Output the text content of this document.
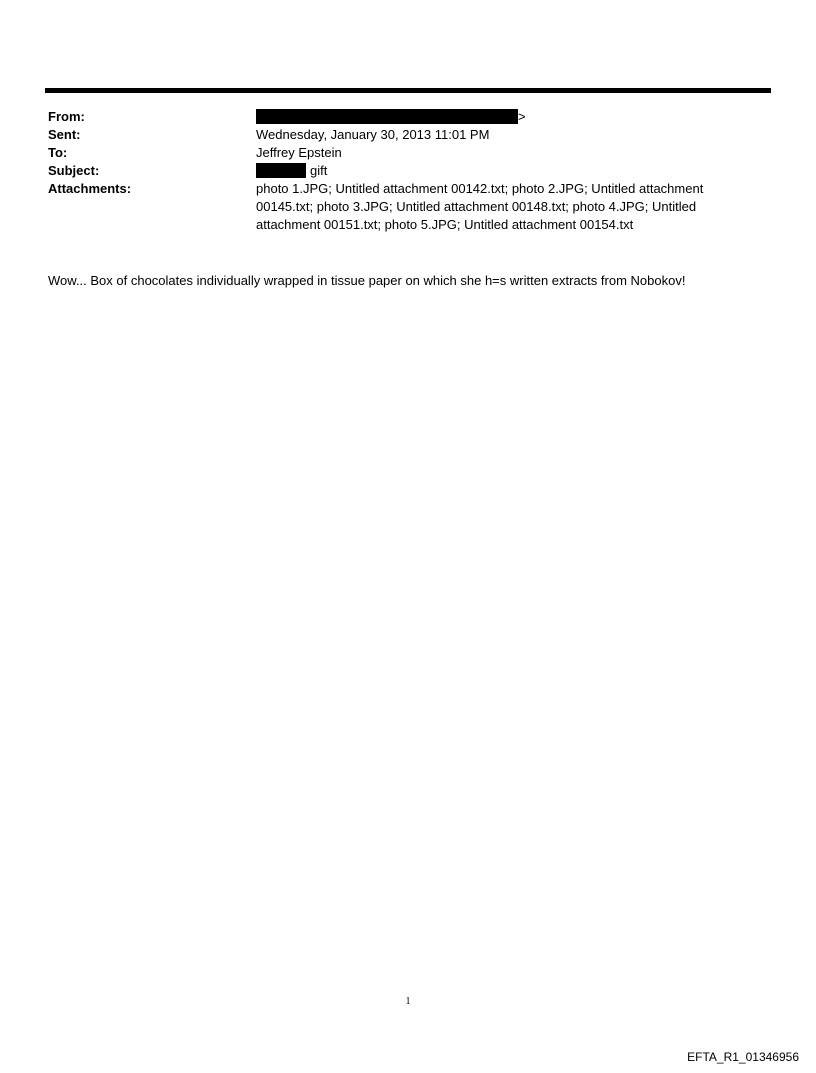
From:	>
Sent:	Wednesday, January 30, 2013 11:01 PM
To:	Jeffrey Epstein
Subject:	gift
Attachments:	photo 1.JPG; Untitled attachment 00142.txt; photo 2.JPG; Untitled attachment 00145.txt; photo 3.JPG; Untitled attachment 00148.txt; photo 4.JPG; Untitled attachment 00151.txt; photo 5.JPG; Untitled attachment 00154.txt
Wow... Box of chocolates individually wrapped in tissue paper on which she h=s written extracts from Nobokov!
1
EFTA_R1_01346956
